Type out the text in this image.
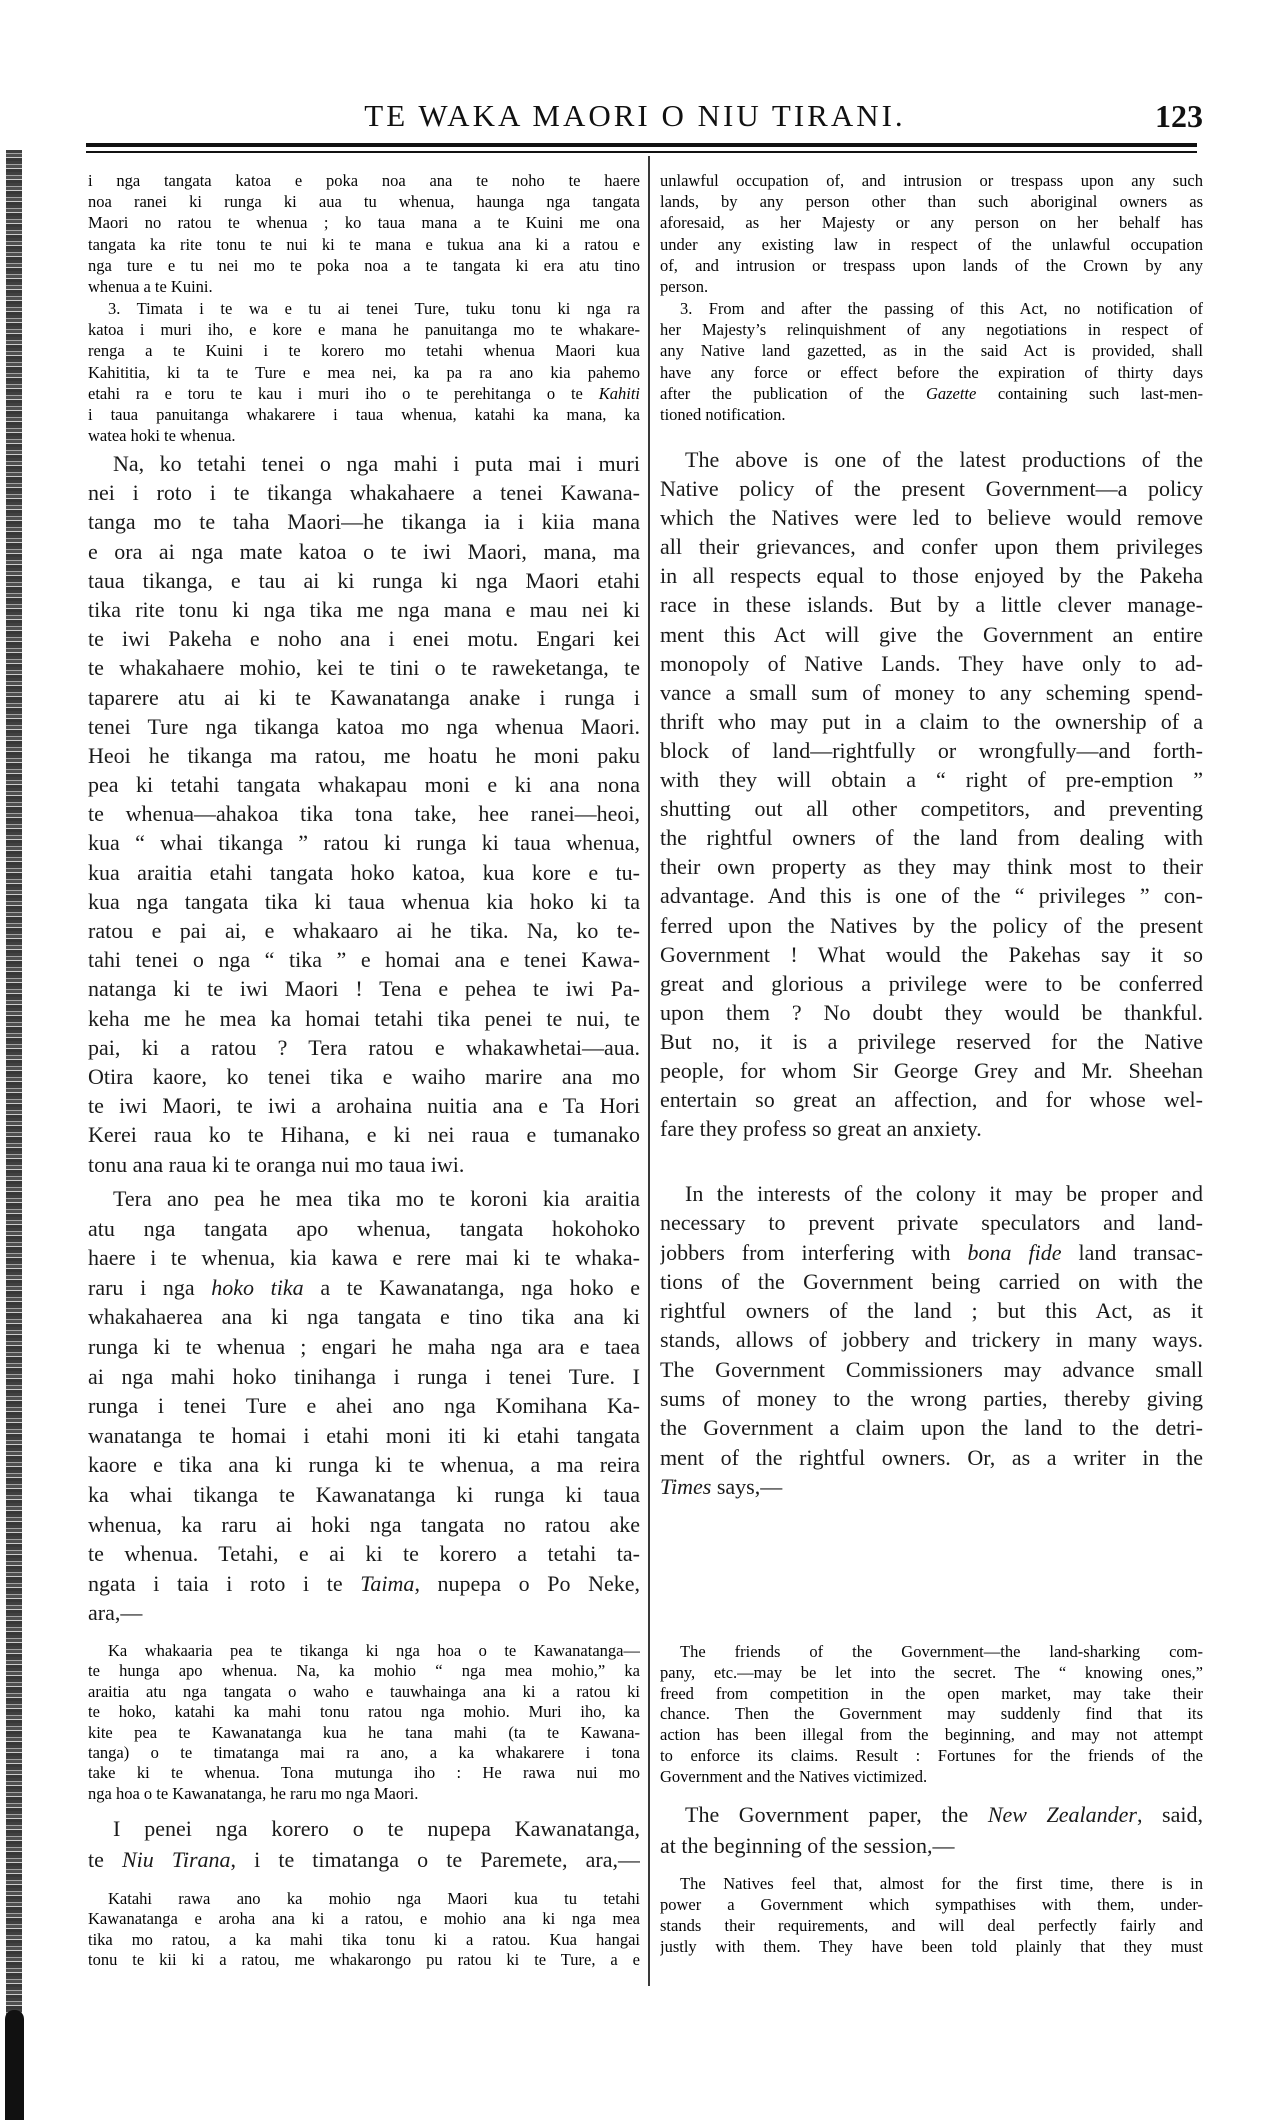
TE WAKA MAORI O NIU TIRANI.	123
i nga tangata katoa e poka noa ana te noho te haere
noa ranei ki runga ki aua tu whenua, haunga nga tangata
Maori no ratou te whenua ; ko taua mana a te Kuini me ona
tangata ka rite tonu te nui ki te mana e tukua ana ki a ratou e
nga ture e tu nei mo te poka noa a te tangata ki era atu tino
whenua a te Kuini.
3. Timata i te wa e tu ai tenei Ture, tuku tonu ki nga ra
katoa i muri iho, e kore e mana he panuitanga mo te whakare-
renga a te Kuini i te korero mo tetahi whenua Maori kua
Kahititia, ki ta te Ture e mea nei, ka pa ra ano kia pahemo
etahi ra e toru te kau i muri iho o te perehitanga o te Kahiti
i taua panuitanga whakarere i taua whenua, katahi ka mana, ka
watea hoki te whenua.
Na, ko tetahi tenei o nga mahi i puta mai i muri
nei i roto i te tikanga whakahaere a tenei Kawana-
tanga mo te taha Maori—he tikanga ia i kiia mana
e ora ai nga mate katoa o te iwi Maori, mana, ma
taua tikanga, e tau ai ki runga ki nga Maori etahi
tika rite tonu ki nga tika me nga mana e mau nei ki
te iwi Pakeha e noho ana i enei motu. Engari kei
te whakahaere mohio, kei te tini o te raweketanga, te
taparere atu ai ki te Kawanatanga anake i runga i
tenei Ture nga tikanga katoa mo nga whenua Maori.
Heoi he tikanga ma ratou, me hoatu he moni paku
pea ki tetahi tangata whakapau moni e ki ana nona
te whenua—ahakoa tika tona take, hee ranei—heoi,
kua “ whai tikanga ” ratou ki runga ki taua whenua,
kua araitia etahi tangata hoko katoa, kua kore e tu-
kua nga tangata tika ki taua whenua kia hoko ki ta
ratou e pai ai, e whakaaro ai he tika. Na, ko te-
tahi tenei o nga “ tika ” e homai ana e tenei Kawa-
natanga ki te iwi Maori ! Tena e pehea te iwi Pa-
keha me he mea ka homai tetahi tika penei te nui, te
pai, ki a ratou ? Tera ratou e whakawhetai—aua.
Otira kaore, ko tenei tika e waiho marire ana mo
te iwi Maori, te iwi a arohaina nuitia ana e Ta Hori
Kerei raua ko te Hihana, e ki nei raua e tumanako
tonu ana raua ki te oranga nui mo taua iwi.
Tera ano pea he mea tika mo te koroni kia araitia
atu nga tangata apo whenua, tangata hokohoko
haere i te whenua, kia kawa e rere mai ki te whaka-
raru i nga hoko tika a te Kawanatanga, nga hoko e
whakahaerea ana ki nga tangata e tino tika ana ki
runga ki te whenua ; engari he maha nga ara e taea
ai nga mahi hoko tinihanga i runga i tenei Ture. I
runga i tenei Ture e ahei ano nga Komihana Ka-
wanatanga te homai i etahi moni iti ki etahi tangata
kaore e tika ana ki runga ki te whenua, a ma reira
ka whai tikanga te Kawanatanga ki runga ki taua
whenua, ka raru ai hoki nga tangata no ratou ake
te whenua. Tetahi, e ai ki te korero a tetahi ta-
ngata i taia i roto i te Taima, nupepa o Po Neke,
ara,—
Ka whakaaria pea te tikanga ki nga hoa o te Kawanatanga—
te hunga apo whenua. Na, ka mohio “ nga mea mohio,” ka
araitia atu nga tangata o waho e tauwhainga ana ki a ratou ki
te hoko, katahi ka mahi tonu ratou nga mohio. Muri iho, ka
kite pea te Kawanatanga kua he tana mahi (ta te Kawana-
tanga) o te timatanga mai ra ano, a ka whakarere i tona
take ki te whenua. Tona mutunga iho : He rawa nui mo
nga hoa o te Kawanatanga, he raru mo nga Maori.
I penei nga korero o te nupepa Kawanatanga,
te Niu Tirana, i te timatanga o te Paremete, ara,—
Katahi rawa ano ka mohio nga Maori kua tu tetahi
Kawanatanga e aroha ana ki a ratou, e mohio ana ki nga mea
tika mo ratou, a ka mahi tika tonu ki a ratou. Kua hangai
tonu te kii ki a ratou, me whakarongo pu ratou ki te Ture, a e
unlawful occupation of, and intrusion or trespass upon any such
lands, by any person other than such aboriginal owners as
aforesaid, as her Majesty or any person on her behalf has
under any existing law in respect of the unlawful occupation
of, and intrusion or trespass upon lands of the Crown by any
person.
3. From and after the passing of this Act, no notification of
her Majesty’s relinquishment of any negotiations in respect of
any Native land gazetted, as in the said Act is provided, shall
have any force or effect before the expiration of thirty days
after the publication of the Gazette containing such last-men-
tioned notification.
The above is one of the latest productions of the
Native policy of the present Government—a policy
which the Natives were led to believe would remove
all their grievances, and confer upon them privileges
in all respects equal to those enjoyed by the Pakeha
race in these islands. But by a little clever manage-
ment this Act will give the Government an entire
monopoly of Native Lands. They have only to ad-
vance a small sum of money to any scheming spend-
thrift who may put in a claim to the ownership of a
block of land—rightfully or wrongfully—and forth-
with they will obtain a “ right of pre-emption ”
shutting out all other competitors, and preventing
the rightful owners of the land from dealing with
their own property as they may think most to their
advantage. And this is one of the “ privileges ” con-
ferred upon the Natives by the policy of the present
Government ! What would the Pakehas say it so
great and glorious a privilege were to be conferred
upon them ? No doubt they would be thankful.
But no, it is a privilege reserved for the Native
people, for whom Sir George Grey and Mr. Sheehan
entertain so great an affection, and for whose wel-
fare they profess so great an anxiety.
In the interests of the colony it may be proper and
necessary to prevent private speculators and land-
jobbers from interfering with bona fide land transac-
tions of the Government being carried on with the
rightful owners of the land ; but this Act, as it
stands, allows of jobbery and trickery in many ways.
The Government Commissioners may advance small
sums of money to the wrong parties, thereby giving
the Government a claim upon the land to the detri-
ment of the rightful owners. Or, as a writer in the
Times says,—
The friends of the Government—the land-sharking com-
pany, etc.—may be let into the secret. The “ knowing ones,”
freed from competition in the open market, may take their
chance. Then the Government may suddenly find that its
action has been illegal from the beginning, and may not attempt
to enforce its claims. Result : Fortunes for the friends of the
Government and the Natives victimized.
The Government paper, the New Zealander, said,
at the beginning of the session,—
The Natives feel that, almost for the first time, there is in
power a Government which sympathises with them, under-
stands their requirements, and will deal perfectly fairly and
justly with them. They have been told plainly that they must
